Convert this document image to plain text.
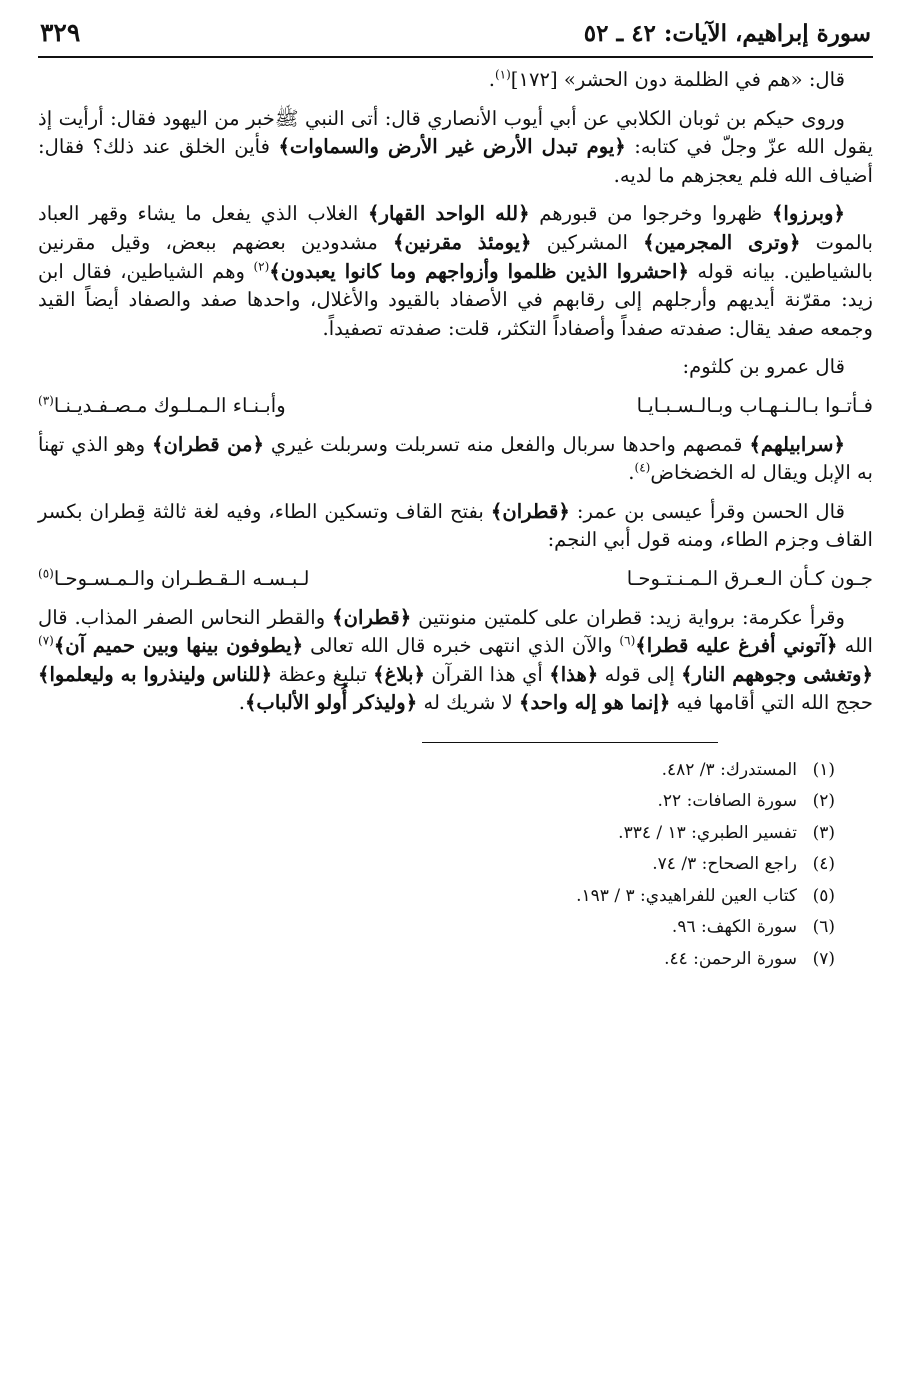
سورة إبراهيم، الآيات: ٤٢ ـ ٥٢
٣٢٩
قال: «هم في الظلمة دون الحشر» [١٧٢]$^{(١)}$.
وروى حيكم بن ثوبان الكلابي عن أبي أيوب الأنصاري قال: أتى النبي ﷺخبر من اليهود فقال: أرأيت إذ يقول الله عزّ وجلّ في كتابه: ﴿يوم تبدل الأرض غير الأرض والسماوات﴾ فأين الخلق عند ذلك؟ فقال: أضياف الله فلم يعجزهم ما لديه.
﴿وبرزوا﴾ ظهروا وخرجوا من قبورهم ﴿لله الواحد القهار﴾ الغلاب الذي يفعل ما يشاء وقهر العباد بالموت ﴿وترى المجرمين﴾ المشركين ﴿يومئذ مقرنين﴾ مشدودين بعضهم ببعض، وقيل مقرنين بالشياطين. بيانه قوله ﴿احشروا الذين ظلموا وأزواجهم وما كانوا يعبدون﴾$^{(٢)}$ وهم الشياطين، فقال ابن زيد: مقرّنة أيديهم وأرجلهم إلى رقابهم في الأصفاد بالقيود والأغلال، واحدها صفد والصفاد أيضاً القيد وجمعه صفد يقال: صفدته صفداً وأصفاداً التكثر، قلت: صفدته تصفيداً.
قال عمرو بن كلثوم:
فـأتـوا بـالـنـهـاب وبـالـسـبـايـا
وأبـنـاء الـمـلـوك مـصـفـديـنـا$^{(٣)}$
﴿سرابيلهم﴾ قمصهم واحدها سربال والفعل منه تسربلت وسربلت غيري ﴿من قطران﴾ وهو الذي تهنأ به الإبل ويقال له الخضخاض$^{(٤)}$.
قال الحسن وقرأ عيسى بن عمر: ﴿قطران﴾ بفتح القاف وتسكين الطاء، وفيه لغة ثالثة قِطران بكسر القاف وجزم الطاء، ومنه قول أبي النجم:
جـون كـأن الـعـرق الـمـنـتـوحـا
لـبـسـه الـقـطـران والـمـسـوحـا$^{(٥)}$
وقرأ عكرمة: برواية زيد: قطران على كلمتين منونتين ﴿قطران﴾ والقطر النحاس الصفر المذاب. قال الله ﴿آتوني أفرغ عليه قطرا﴾$^{(٦)}$ والآن الذي انتهى خبره قال الله تعالى ﴿يطوفون بينها وبين حميم آن﴾$^{(٧)}$ ﴿وتغشى وجوههم النار﴾ إلى قوله ﴿هذا﴾ أي هذا القرآن ﴿بلاغ﴾ تبليغ وعظة ﴿للناس ولينذروا به وليعلموا﴾ حجج الله التي أقامها فيه ﴿إنما هو إله واحد﴾ لا شريك له ﴿وليذكر أُولو الألباب﴾.
(١)المستدرك: ٣/ ٤٨٢.
(٢)سورة الصافات: ٢٢.
(٣)تفسير الطبري: ١٣ / ٣٣٤.
(٤)راجع الصحاح: ٣/ ٧٤.
(٥)كتاب العين للفراهيدي: ٣ / ١٩٣.
(٦)سورة الكهف: ٩٦.
(٧)سورة الرحمن: ٤٤.
